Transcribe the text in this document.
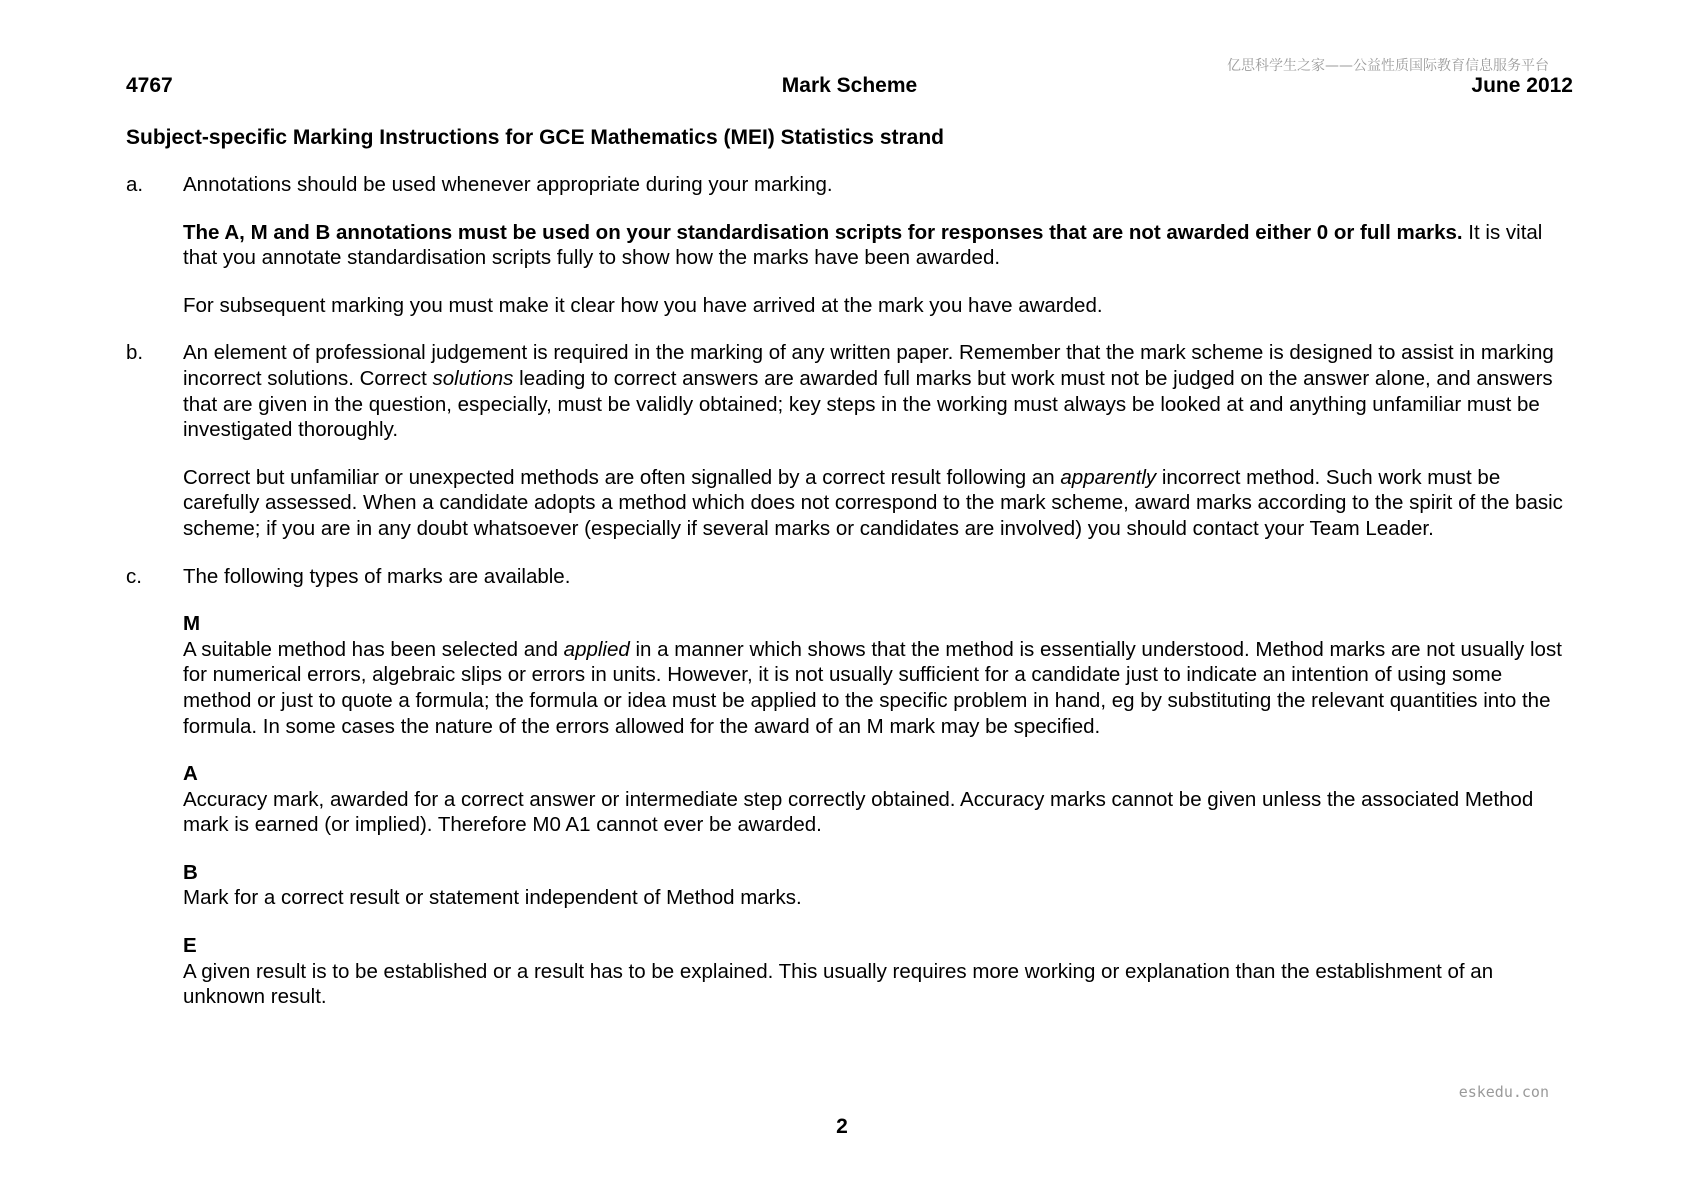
亿思科学生之家——公益性质国际教育信息服务平台
4767	Mark Scheme	June 2012
Subject-specific Marking Instructions for GCE Mathematics (MEI) Statistics strand
a.	Annotations should be used whenever appropriate during your marking.

The A, M and B annotations must be used on your standardisation scripts for responses that are not awarded either 0 or full marks. It is vital that you annotate standardisation scripts fully to show how the marks have been awarded.

For subsequent marking you must make it clear how you have arrived at the mark you have awarded.

b.	An element of professional judgement is required in the marking of any written paper. Remember that the mark scheme is designed to assist in marking incorrect solutions. Correct solutions leading to correct answers are awarded full marks but work must not be judged on the answer alone, and answers that are given in the question, especially, must be validly obtained; key steps in the working must always be looked at and anything unfamiliar must be investigated thoroughly.

Correct but unfamiliar or unexpected methods are often signalled by a correct result following an apparently incorrect method. Such work must be carefully assessed. When a candidate adopts a method which does not correspond to the mark scheme, award marks according to the spirit of the basic scheme; if you are in any doubt whatsoever (especially if several marks or candidates are involved) you should contact your Team Leader.

c.	The following types of marks are available.

M
A suitable method has been selected and applied in a manner which shows that the method is essentially understood. Method marks are not usually lost for numerical errors, algebraic slips or errors in units. However, it is not usually sufficient for a candidate just to indicate an intention of using some method or just to quote a formula; the formula or idea must be applied to the specific problem in hand, eg by substituting the relevant quantities into the formula. In some cases the nature of the errors allowed for the award of an M mark may be specified.
A
Accuracy mark, awarded for a correct answer or intermediate step correctly obtained. Accuracy marks cannot be given unless the associated Method mark is earned (or implied). Therefore M0 A1 cannot ever be awarded.
B
Mark for a correct result or statement independent of Method marks.
E
A given result is to be established or a result has to be explained. This usually requires more working or explanation than the establishment of an unknown result.
eskedu.con
2
